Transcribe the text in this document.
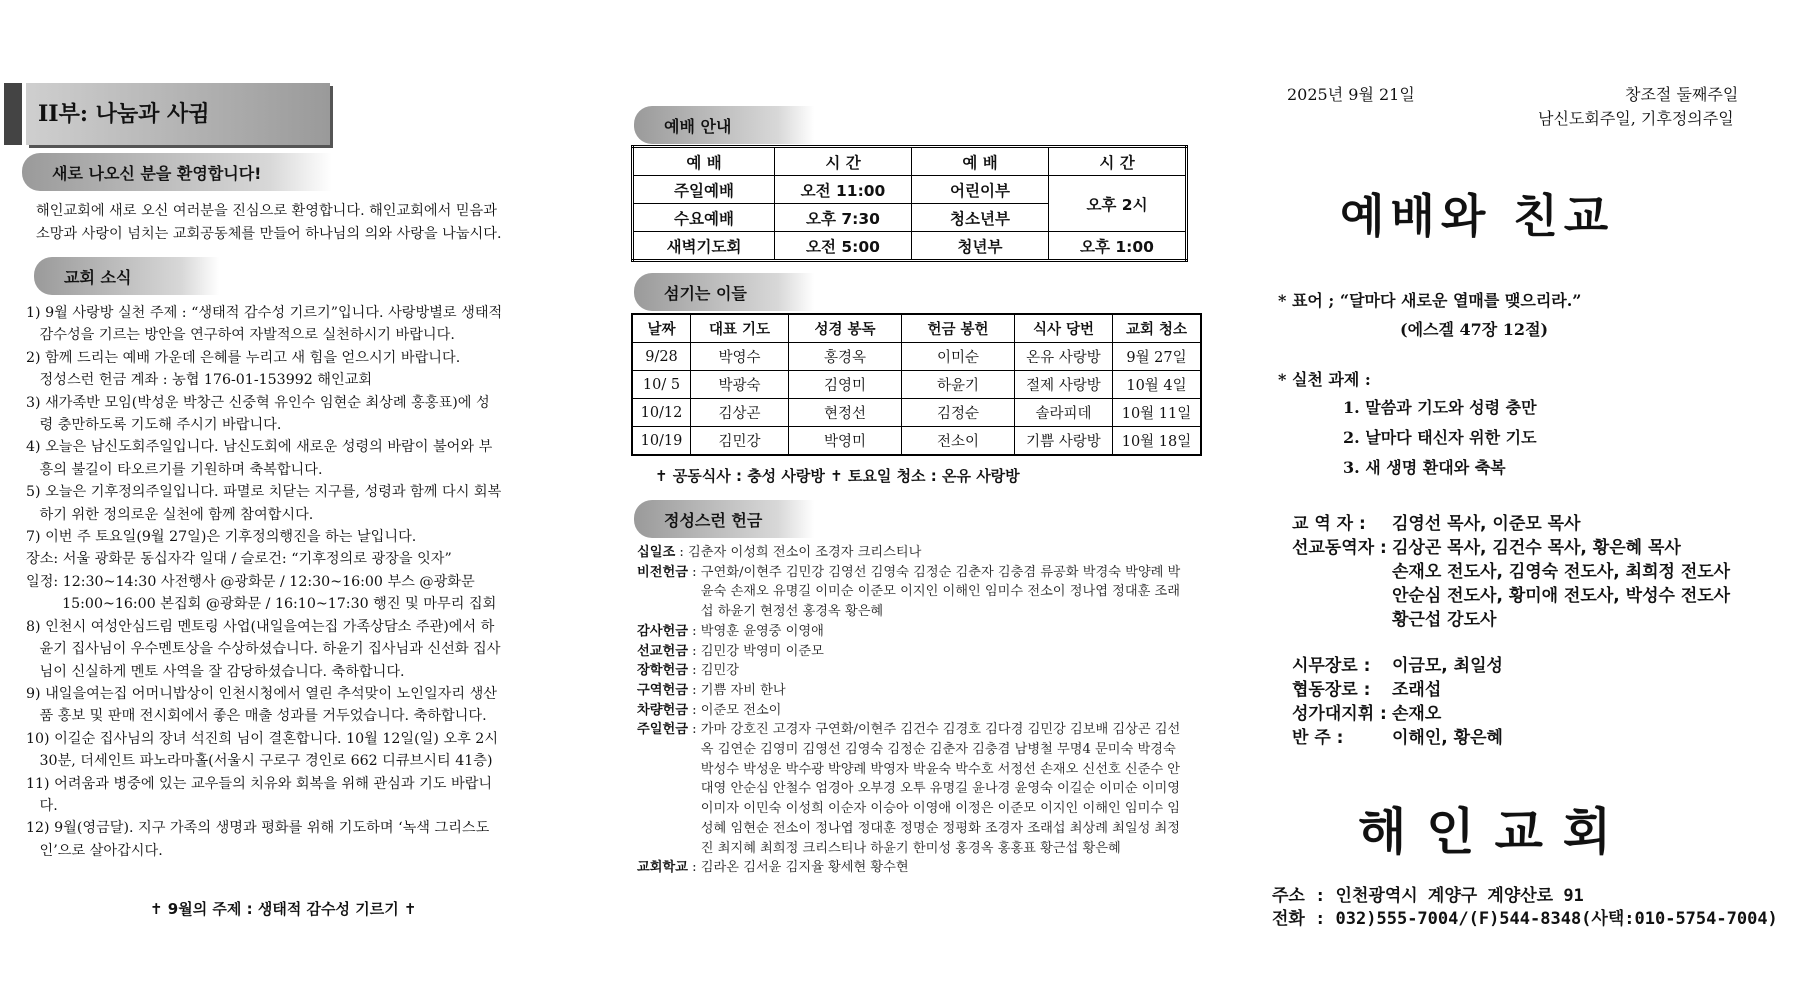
II부: 나눔과 사귐
새로 나오신 분을 환영합니다!
해인교회에 새로 오신 여러분을 진심으로 환영합니다. 해인교회에서 믿음과
소망과 사랑이 넘치는 교회공동체를 만들어 하나님의 의와 사랑을 나눕시다.
교회 소식
1) 9월 사랑방 실천 주제 : “생태적 감수성 기르기”입니다. 사랑방별로 생태적
감수성을 기르는 방안을 연구하여 자발적으로 실천하시기 바랍니다.
2) 함께 드리는 예배 가운데 은혜를 누리고 새 힘을 얻으시기 바랍니다.
정성스런 헌금 계좌 : 농협 176-01-153992 해인교회
3) 새가족반 모임(박성운 박창근 신중혁 유인수 임현순 최상례 홍홍표)에 성
령 충만하도록 기도해 주시기 바랍니다.
4) 오늘은 남신도회주일입니다. 남신도회에 새로운 성령의 바람이 불어와 부
흥의 불길이 타오르기를 기원하며 축복합니다.
5) 오늘은 기후정의주일입니다. 파멸로 치닫는 지구를, 성령과 함께 다시 회복
하기 위한 정의로운 실천에 함께 참여합시다.
7) 이번 주 토요일(9월 27일)은 기후정의행진을 하는 날입니다.
장소: 서울 광화문 동십자각 일대 / 슬로건: “기후정의로 광장을 잇자”
일정: 12:30~14:30 사전행사 @광화문 / 12:30~16:00 부스 @광화문
15:00~16:00 본집회 @광화문 / 16:10~17:30 행진 및 마무리 집회
8) 인천시 여성안심드림 멘토링 사업(내일을여는집 가족상담소 주관)에서 하
윤기 집사님이 우수멘토상을 수상하셨습니다. 하윤기 집사님과 신선화 집사
님이 신실하게 멘토 사역을 잘 감당하셨습니다. 축하합니다.
9) 내일을여는집 어머니밥상이 인천시청에서 열린 추석맞이 노인일자리 생산
품 홍보 및 판매 전시회에서 좋은 매출 성과를 거두었습니다. 축하합니다.
10) 이길순 집사님의 장녀 석진희 님이 결혼합니다. 10월 12일(일) 오후 2시
30분, 더세인트 파노라마홀(서울시 구로구 경인로 662 디큐브시티 41층)
11) 어려움과 병중에 있는 교우들의 치유와 회복을 위해 관심과 기도 바랍니
다.
12) 9월(영금달). 지구 가족의 생명과 평화를 위해 기도하며 ‘녹색 그리스도
인’으로 살아갑시다.
✝ 9월의 주제 : 생태적 감수성 기르기 ✝
예배 안내
예 배	시 간	예 배	시 간
주일예배	오전 11:00	어린이부	오후 2시
수요예배	오후 7:30	청소년부	
새벽기도회	오전 5:00	청년부	오후 1:00
섬기는 이들
날짜	대표 기도	성경 봉독	헌금 봉헌	식사 당번	교회 청소
9/28	박영수	홍경옥	이미순	온유 사랑방	9월 27일
10/ 5	박광숙	김영미	하윤기	절제 사랑방	10월 4일
10/12	김상곤	현정선	김정순	솔라피데	10월 11일
10/19	김민강	박영미	전소이	기쁨 사랑방	10월 18일
✝ 공동식사 : 충성 사랑방 ✝ 토요일 청소 : 온유 사랑방
정성스런 헌금
십일조 : 김춘자 이성희 전소이 조경자 크리스티나
비전헌금 : 구연화/이현주 김민강 김영선 김영숙 김정순 김춘자 김충겸 류공화 박경숙 박양례 박윤숙 손재오 유명길 이미순 이준모 이지인 이해인 임미수 전소이 정나엽 정대훈 조래섭 하윤기 현정선 홍경옥 황은혜
감사헌금 : 박영훈 윤영중 이영애
선교헌금 : 김민강 박영미 이준모
장학헌금 : 김민강
구역헌금 : 기쁨 자비 한나
차량헌금 : 이준모 전소이
주일헌금 : 가마 강호진 고경자 구연화/이현주 김건수 김경호 김다경 김민강 김보배 김상곤 김선옥 김연순 김영미 김영선 김영숙 김정순 김춘자 김충겸 남병철 무명4 문미숙 박경숙 박성수 박성운 박수광 박양례 박영자 박윤숙 박수호 서정선 손재오 신선호 신준수 안대영 안순심 안철수 엄경아 오부경 오투 유명길 윤나경 윤영숙 이길순 이미순 이미영 이미자 이민숙 이성희 이순자 이승아 이영애 이정은 이준모 이지인 이해인 임미수 임성혜 임현순 전소이 정나엽 정대훈 정명순 정평화 조경자 조래섭 최상례 최일성 최정진 최지혜 최희정 크리스티나 하윤기 한미성 홍경옥 홍홍표 황근섭 황은혜
교회학교 : 김라온 김서윤 김지율 황세현 황수현
2025년 9월 21일	창조절 둘째주일
남신도회주일, 기후정의주일
예배와 친교
* 표어 ; “달마다 새로운 열매를 맺으리라.”
(에스겔 47장 12절)
* 실천 과제 :
1. 말씀과 기도와 성령 충만
2. 날마다 태신자 위한 기도
3. 새 생명 환대와 축복
교 역 자 :	김영선 목사, 이준모 목사
선교동역자 : 김상곤 목사, 김건수 목사, 황은혜 목사
손재오 전도사, 김영숙 전도사, 최희정 전도사
안순심 전도사, 황미애 전도사, 박성수 전도사
황근섭 강도사
시무장로 :	이금모, 최일성
협동장로 :	조래섭
성가대지휘 : 손재오
반 주 :	이해인, 황은혜
해인교회
주소 : 인천광역시 계양구 계양산로 91
전화 : 032)555-7004/(F)544-8348(사택:010-5754-7004)
